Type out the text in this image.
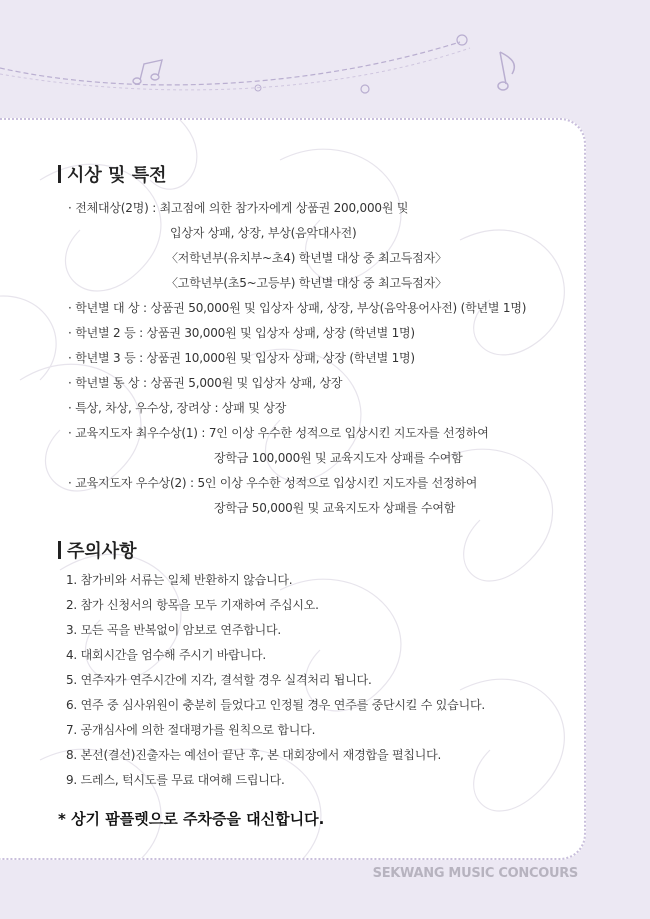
시상 및 특전
· 전체대상(2명) : 최고점에 의한 참가자에게 상품권 200,000원 및
입상자 상패, 상장, 부상(음악대사전)
〈저학년부(유치부~초4) 학년별 대상 중 최고득점자〉
〈고학년부(초5~고등부) 학년별 대상 중 최고득점자〉
· 학년별 대 상 : 상품권 50,000원 및 입상자 상패, 상장, 부상(음악용어사전) (학년별 1명)
· 학년별 2 등 : 상품권 30,000원 및 입상자 상패, 상장 (학년별 1명)
· 학년별 3 등 : 상품권 10,000원 및 입상자 상패, 상장 (학년별 1명)
· 학년별 동 상 : 상품권 5,000원 및 입상자 상패, 상장
· 특상, 차상, 우수상, 장려상 : 상패 및 상장
· 교육지도자 최우수상(1) : 7인 이상 우수한 성적으로 입상시킨 지도자를 선정하여
장학금 100,000원 및 교육지도자 상패를 수여함
· 교육지도자 우수상(2) : 5인 이상 우수한 성적으로 입상시킨 지도자를 선정하여
장학금 50,000원 및 교육지도자 상패를 수여함
주의사항
1. 참가비와 서류는 일체 반환하지 않습니다.
2. 참가 신청서의 항목을 모두 기재하여 주십시오.
3. 모든 곡을 반복없이 암보로 연주합니다.
4. 대회시간을 엄수해 주시기 바랍니다.
5. 연주자가 연주시간에 지각, 결석할 경우 실격처리 됩니다.
6. 연주 중 심사위원이 충분히 들었다고 인정될 경우 연주를 중단시킬 수 있습니다.
7. 공개심사에 의한 절대평가를 원칙으로 합니다.
8. 본선(결선)진출자는 예선이 끝난 후, 본 대회장에서 재경합을 펼칩니다.
9. 드레스, 턱시도를 무료 대여해 드립니다.
* 상기 팜플렛으로 주차증을 대신합니다.
SEKWANG MUSIC CONCOURS
